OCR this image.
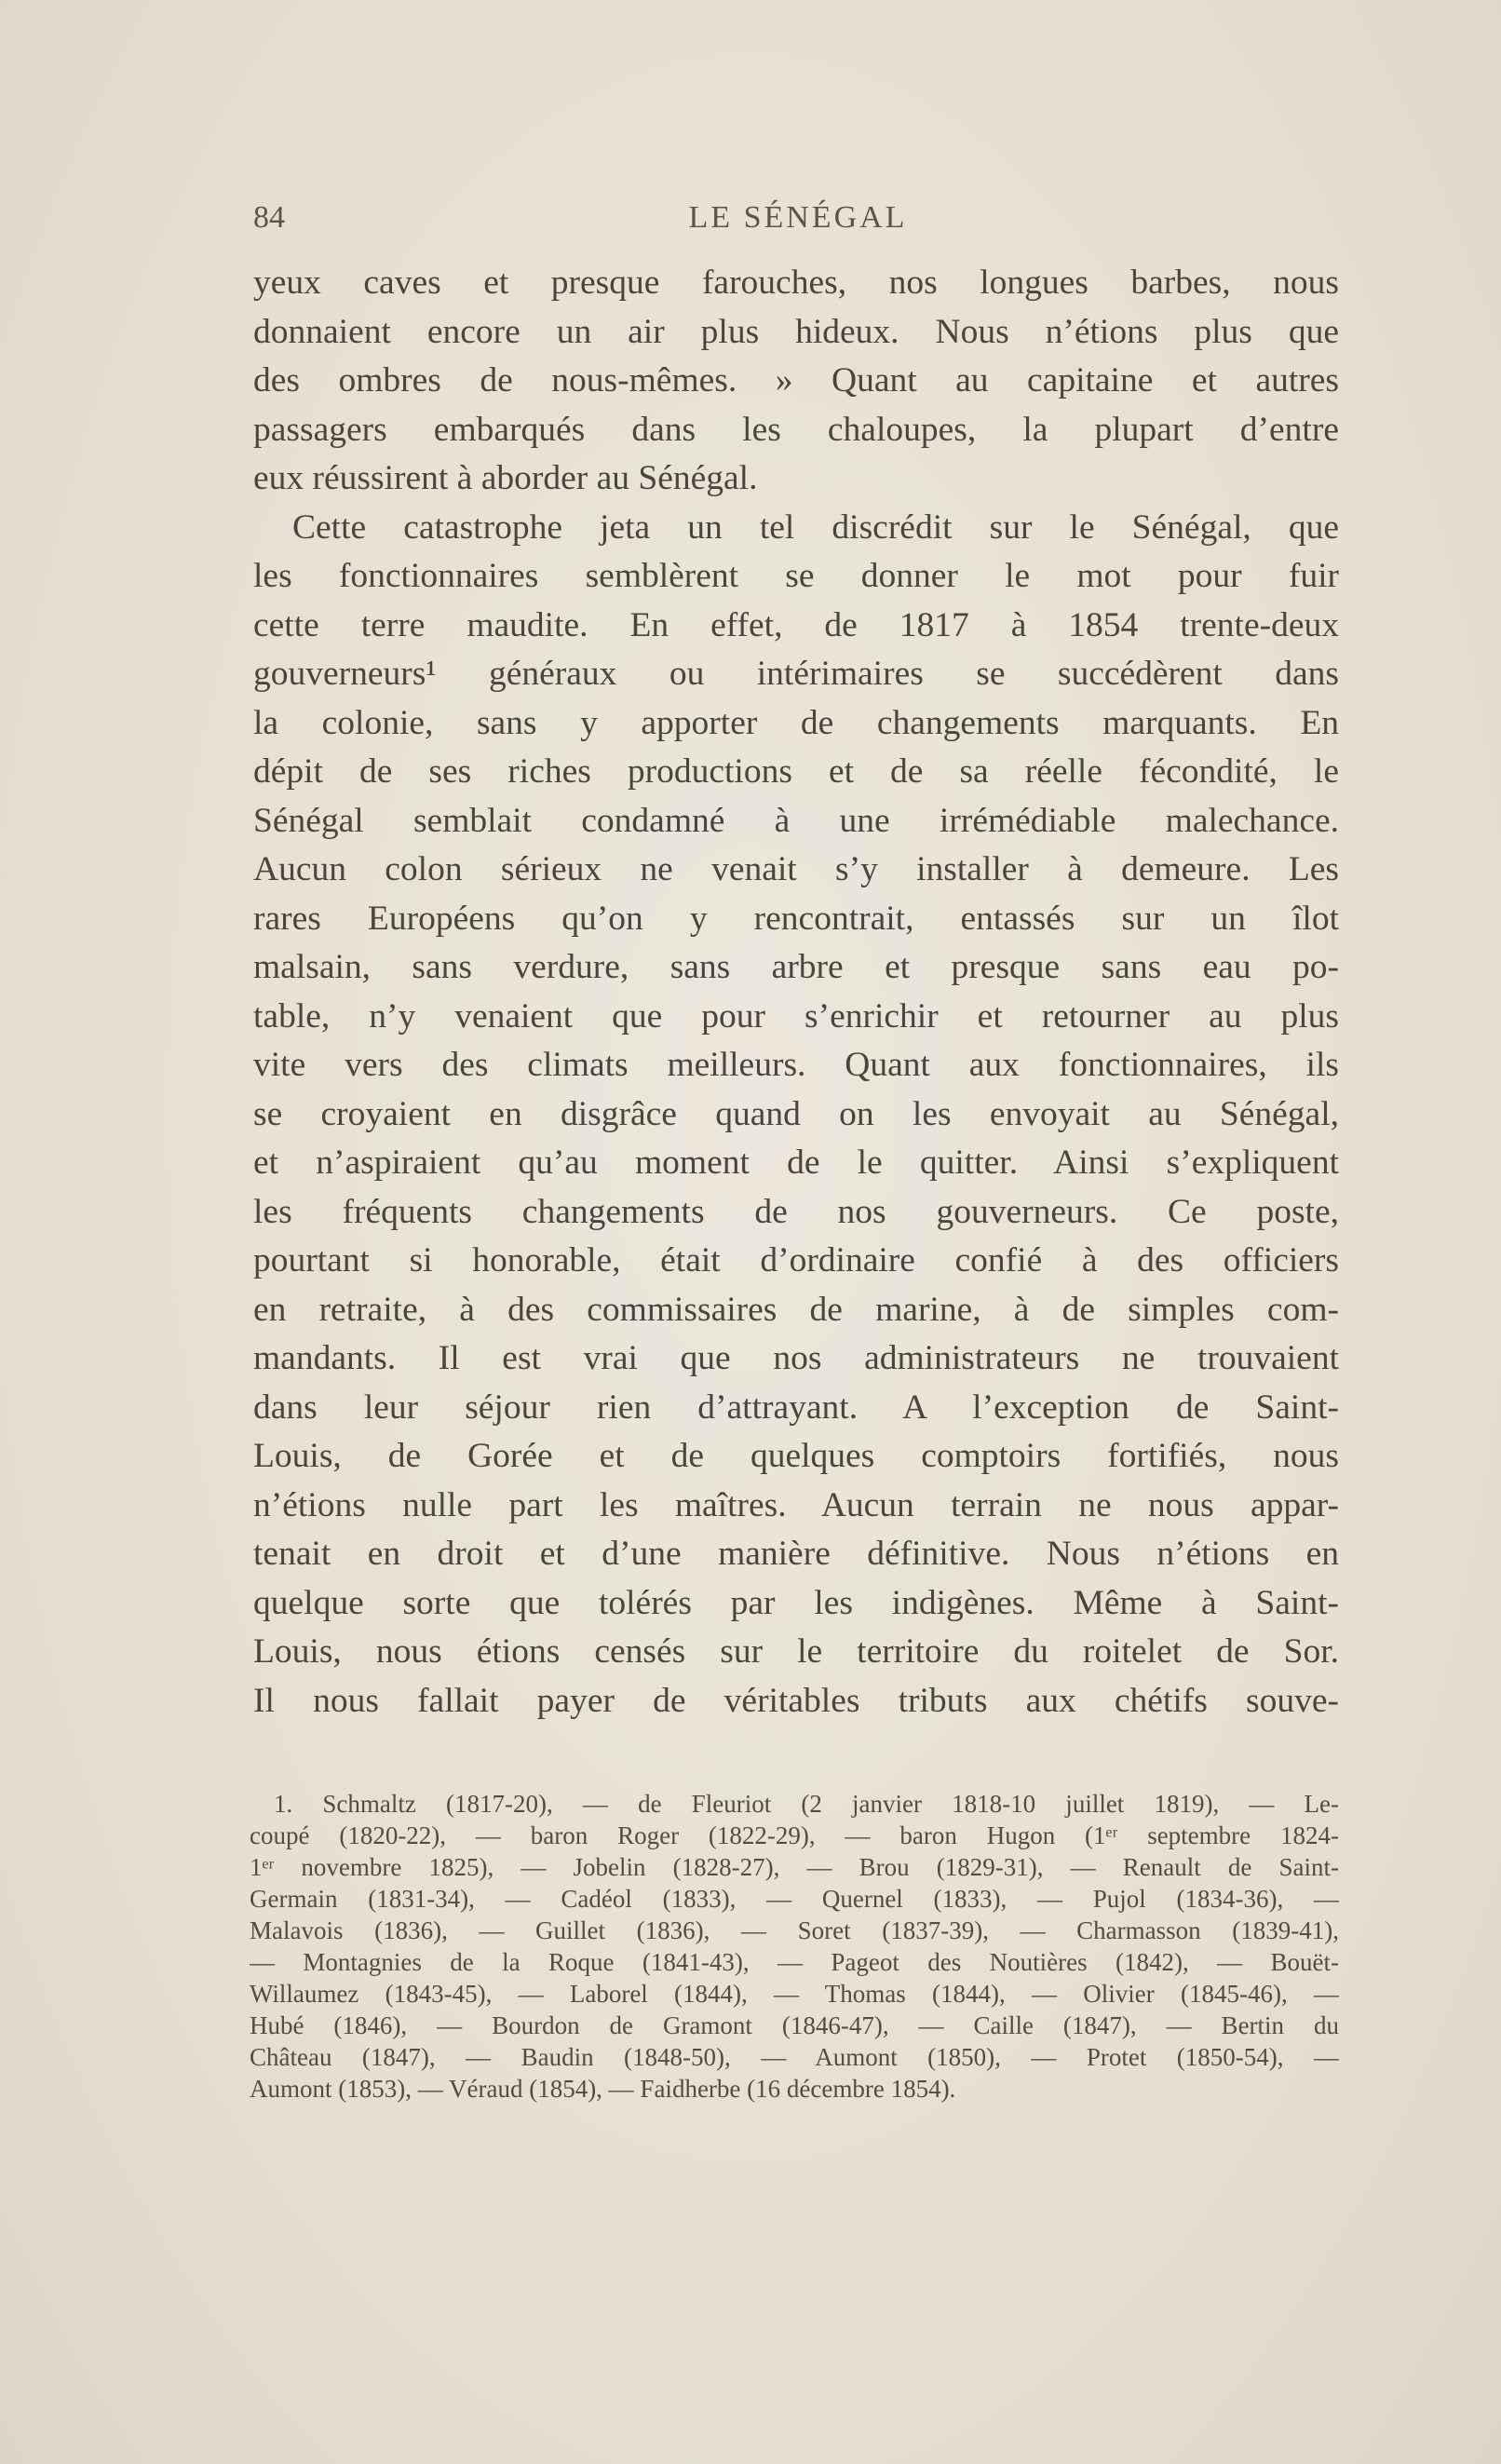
84	LE SÉNÉGAL
yeux caves et presque farouches, nos longues barbes, nous
donnaient encore un air plus hideux. Nous n’étions plus que
des ombres de nous-mêmes. » Quant au capitaine et autres
passagers embarqués dans les chaloupes, la plupart d’entre
eux réussirent à aborder au Sénégal.
Cette catastrophe jeta un tel discrédit sur le Sénégal, que
les fonctionnaires semblèrent se donner le mot pour fuir
cette terre maudite. En effet, de 1817 à 1854 trente-deux
gouverneurs¹ généraux ou intérimaires se succédèrent dans
la colonie, sans y apporter de changements marquants. En
dépit de ses riches productions et de sa réelle fécondité, le
Sénégal semblait condamné à une irrémédiable malechance.
Aucun colon sérieux ne venait s’y installer à demeure. Les
rares Européens qu’on y rencontrait, entassés sur un îlot
malsain, sans verdure, sans arbre et presque sans eau po-
table, n’y venaient que pour s’enrichir et retourner au plus
vite vers des climats meilleurs. Quant aux fonctionnaires, ils
se croyaient en disgrâce quand on les envoyait au Sénégal,
et n’aspiraient qu’au moment de le quitter. Ainsi s’expliquent
les fréquents changements de nos gouverneurs. Ce poste,
pourtant si honorable, était d’ordinaire confié à des officiers
en retraite, à des commissaires de marine, à de simples com-
mandants. Il est vrai que nos administrateurs ne trouvaient
dans leur séjour rien d’attrayant. A l’exception de Saint-
Louis, de Gorée et de quelques comptoirs fortifiés, nous
n’étions nulle part les maîtres. Aucun terrain ne nous appar-
tenait en droit et d’une manière définitive. Nous n’étions en
quelque sorte que tolérés par les indigènes. Même à Saint-
Louis, nous étions censés sur le territoire du roitelet de Sor.
Il nous fallait payer de véritables tributs aux chétifs souve-
1. Schmaltz (1817-20), — de Fleuriot (2 janvier 1818-10 juillet 1819), — Le-
coupé (1820-22), — baron Roger (1822-29), — baron Hugon (1ᵉʳ septembre 1824-
1ᵉʳ novembre 1825), — Jobelin (1828-27), — Brou (1829-31), — Renault de Saint-
Germain (1831-34), — Cadéol (1833), — Quernel (1833), — Pujol (1834-36), —
Malavois (1836), — Guillet (1836), — Soret (1837-39), — Charmasson (1839-41),
— Montagnies de la Roque (1841-43), — Pageot des Noutières (1842), — Bouët-
Willaumez (1843-45), — Laborel (1844), — Thomas (1844), — Olivier (1845-46), —
Hubé (1846), — Bourdon de Gramont (1846-47), — Caille (1847), — Bertin du
Château (1847), — Baudin (1848-50), — Aumont (1850), — Protet (1850-54), —
Aumont (1853), — Véraud (1854), — Faidherbe (16 décembre 1854).
